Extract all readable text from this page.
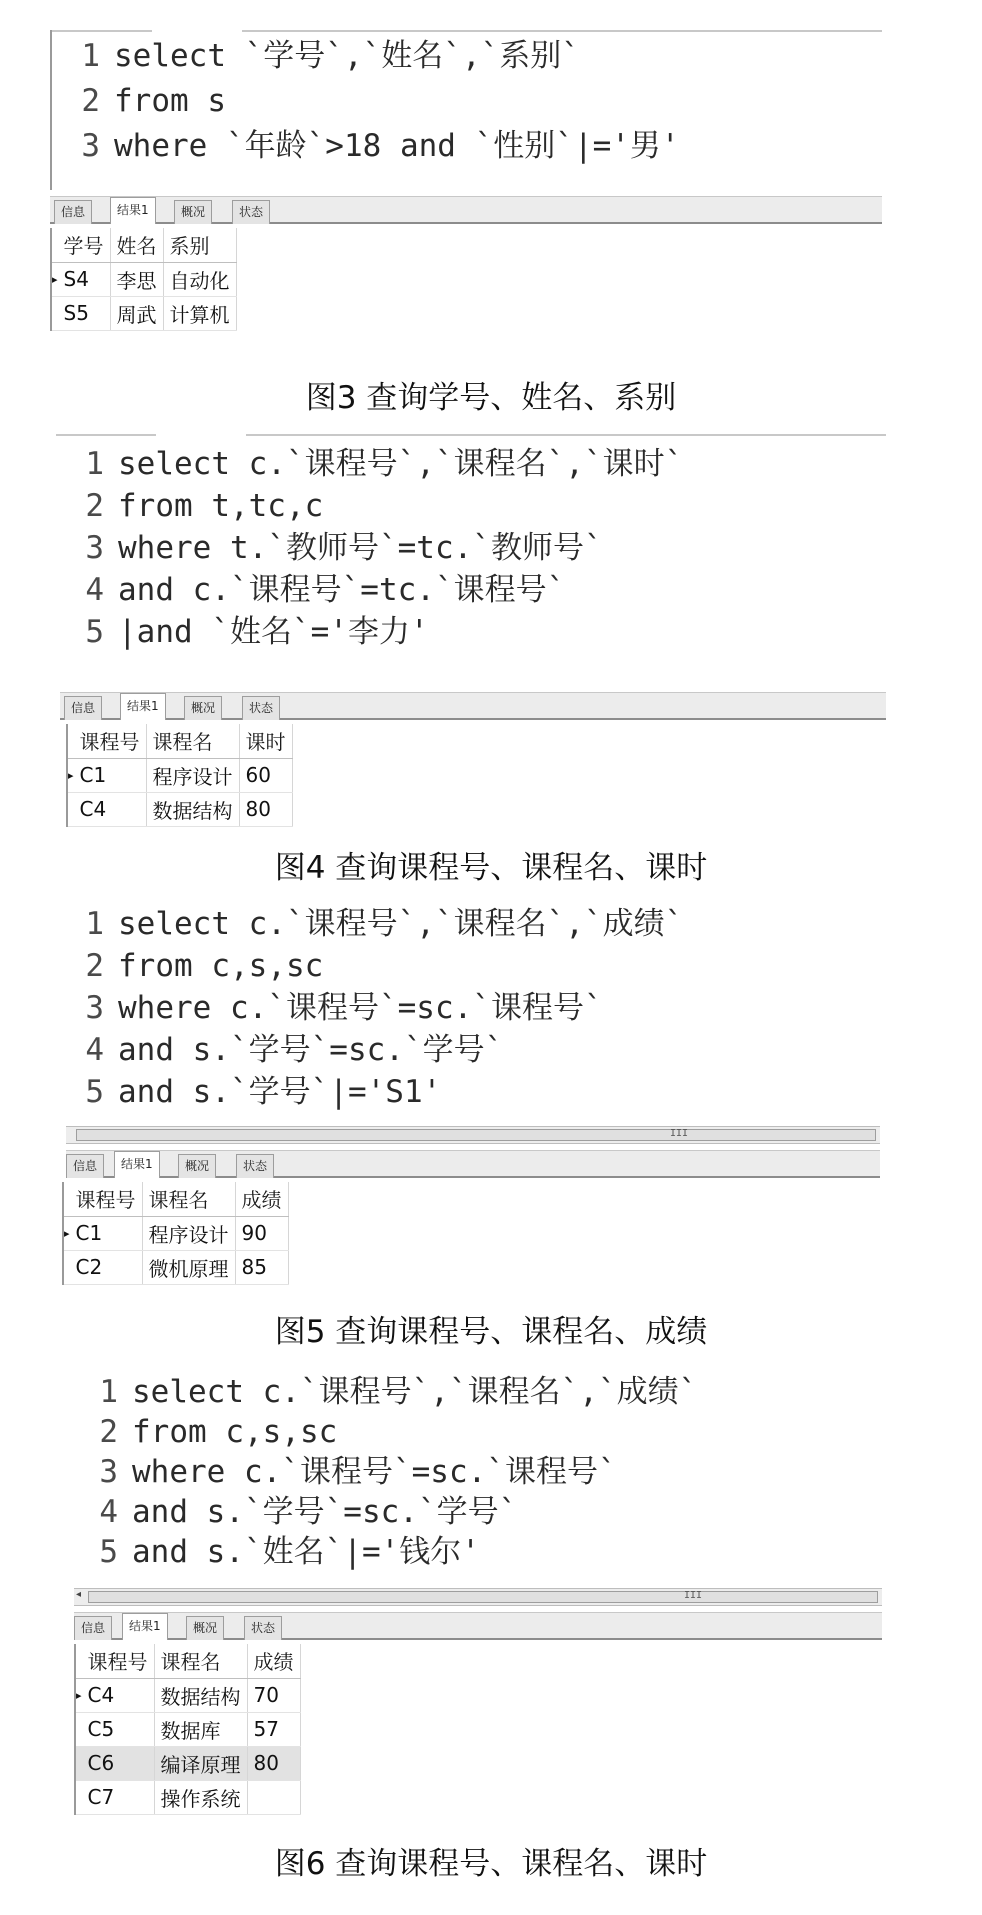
1 select `学号`,`姓名`,`系别`
2 from s
3 where `年龄`>18 and `性别`|='男'
信息	结果1	概况	状态
	学号	姓名	系别
▸	S4	李思	自动化
	S5	周武	计算机
图3 查询学号、姓名、系别
1 select c.`课程号`,`课程名`,`课时`
2 from t,tc,c
3 where t.`教师号`=tc.`教师号`
4 and c.`课程号`=tc.`课程号`
5 |and `姓名`='李力'
信息	结果1	概况	状态
	课程号	课程名	课时
▸	C1	程序设计	60
	C4	数据结构	80
图4 查询课程号、课程名、课时
1 select c.`课程号`,`课程名`,`成绩`
2 from c,s,sc
3 where c.`课程号`=sc.`课程号`
4 and s.`学号`=sc.`学号`
5 and s.`学号`|='S1'
III
信息	结果1	概况	状态
	课程号	课程名	成绩
▸	C1	程序设计	90
	C2	微机原理	85
图5 查询课程号、课程名、成绩
1 select c.`课程号`,`课程名`,`成绩`
2 from c,s,sc
3 where c.`课程号`=sc.`课程号`
4 and s.`学号`=sc.`学号`
5 and s.`姓名`|='钱尔'
◂	III
信息	结果1	概况	状态
	课程号	课程名	成绩
▸	C4	数据结构	70
	C5	数据库	57
	C6	编译原理	80
	C7	操作系统	
图6 查询课程号、课程名、课时
